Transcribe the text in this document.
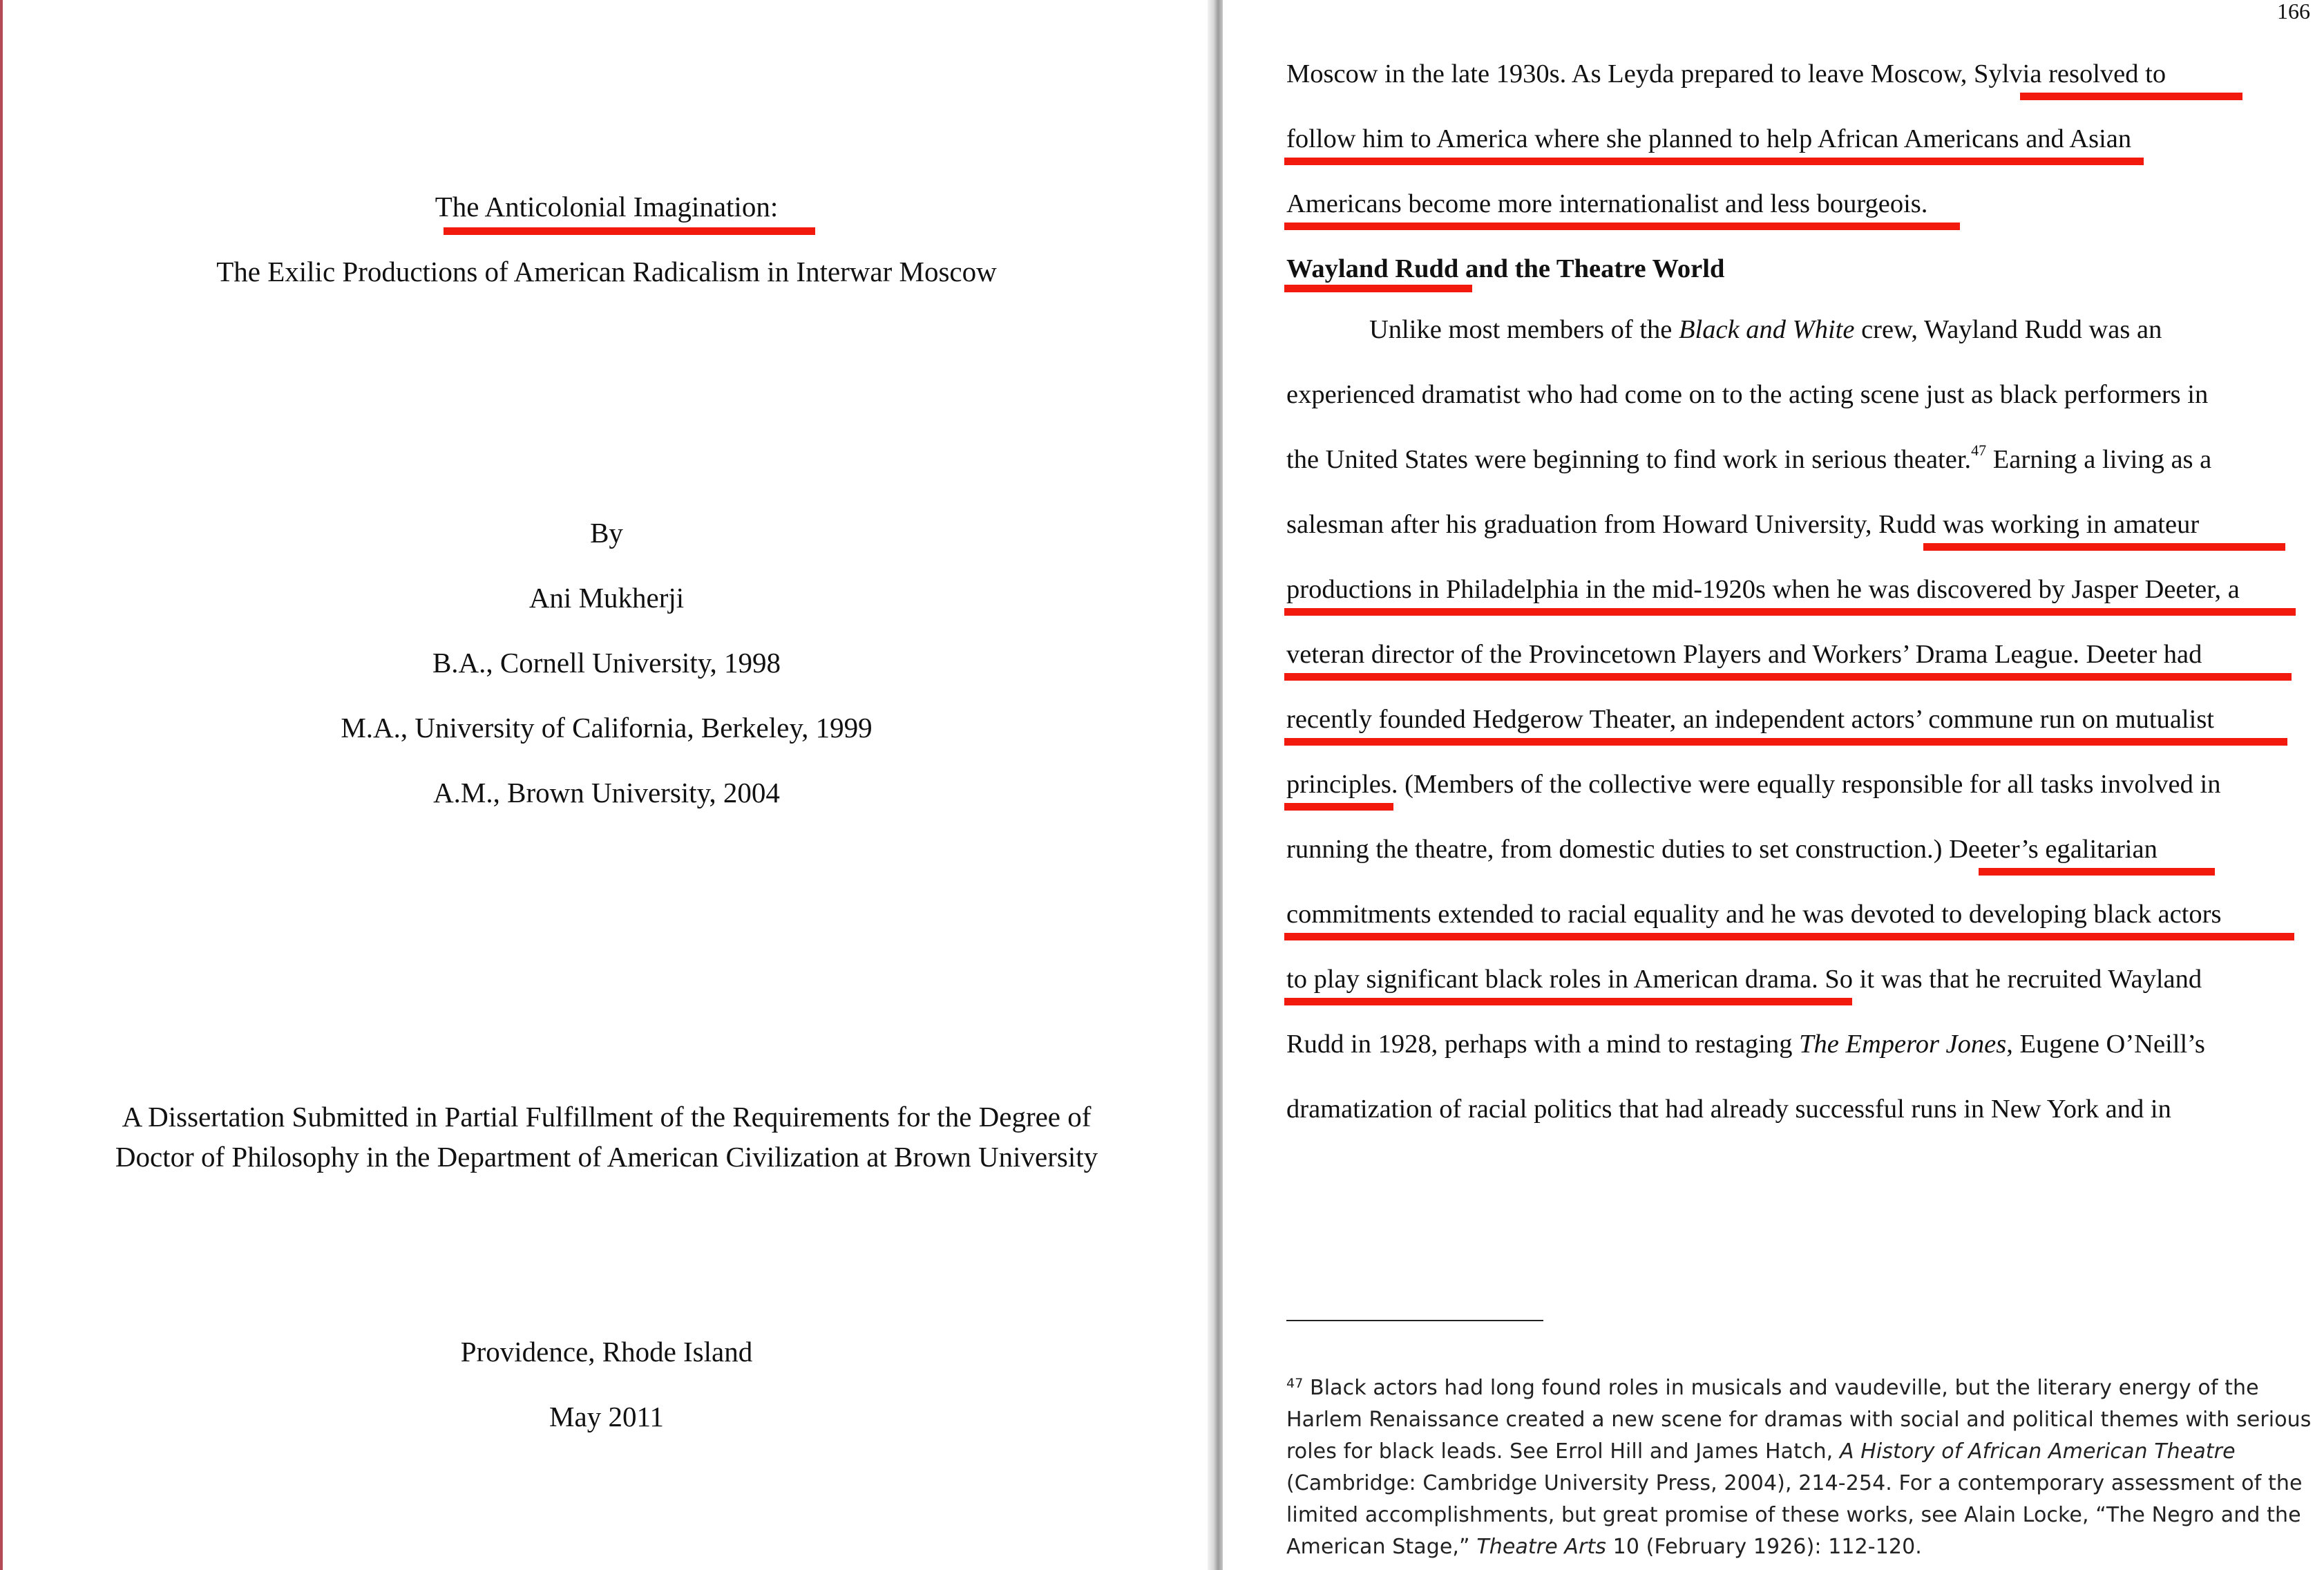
The Anticolonial Imagination:
The Exilic Productions of American Radicalism in Interwar Moscow
By
Ani Mukherji
B.A., Cornell University, 1998
M.A., University of California, Berkeley, 1999
A.M., Brown University, 2004
A Dissertation Submitted in Partial Fulfillment of the Requirements for the Degree of
Doctor of Philosophy in the Department of American Civilization at Brown University
Providence, Rhode Island
May 2011
166
Moscow in the late 1930s. As Leyda prepared to leave Moscow, Sylvia resolved to
follow him to America where she planned to help African Americans and Asian
Americans become more internationalist and less bourgeois.
Wayland Rudd and the Theatre World
Unlike most members of the Black and White crew, Wayland Rudd was an
experienced dramatist who had come on to the acting scene just as black performers in
the United States were beginning to find work in serious theater.$^{47}$ Earning a living as a
salesman after his graduation from Howard University, Rudd was working in amateur
productions in Philadelphia in the mid-1920s when he was discovered by Jasper Deeter, a
veteran director of the Provincetown Players and Workers’ Drama League. Deeter had
recently founded Hedgerow Theater, an independent actors’ commune run on mutualist
principles. (Members of the collective were equally responsible for all tasks involved in
running the theatre, from domestic duties to set construction.) Deeter’s egalitarian
commitments extended to racial equality and he was devoted to developing black actors
to play significant black roles in American drama. So it was that he recruited Wayland
Rudd in 1928, perhaps with a mind to restaging The Emperor Jones, Eugene O’Neill’s
dramatization of racial politics that had already successful runs in New York and in
$^{47}$ Black actors had long found roles in musicals and vaudeville, but the literary energy of the
Harlem Renaissance created a new scene for dramas with social and political themes with serious
roles for black leads. See Errol Hill and James Hatch, A History of African American Theatre
(Cambridge: Cambridge University Press, 2004), 214-254. For a contemporary assessment of the
limited accomplishments, but great promise of these works, see Alain Locke, “The Negro and the
American Stage,” Theatre Arts 10 (February 1926): 112-120.
